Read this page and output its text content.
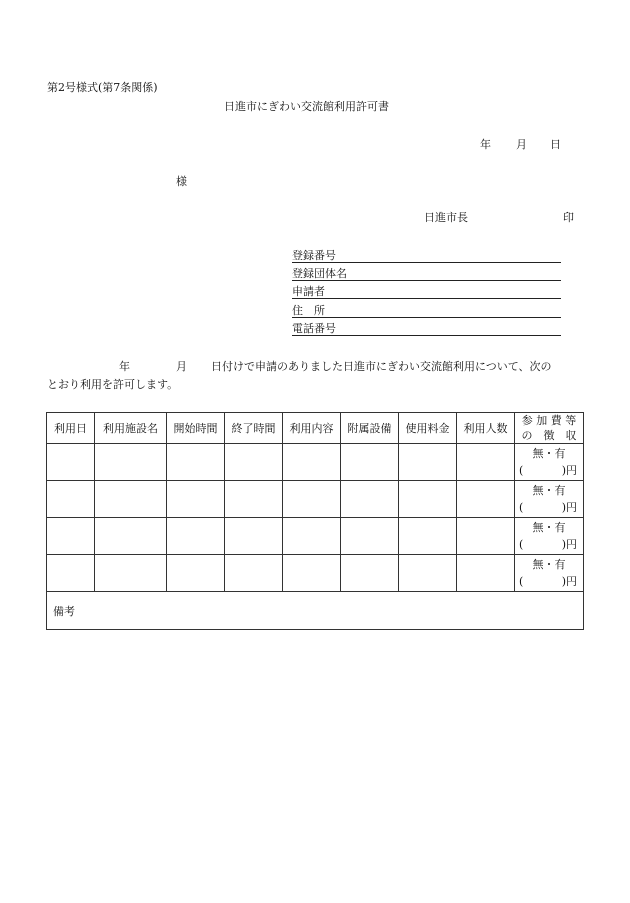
第2号様式(第7条関係)
日進市にぎわい交流館利用許可書
年 月 日
様
日進市長	印
登録番号
登録団体名
申請者
住　所
電話番号
年	月 日付けで申請のありました日進市にぎわい交流館利用について、次の
とおり利用を許可します。
利用日	利用施設名	開始時間	終了時間	利用内容	附属設備	使用料金	利用人数	参 加 費 等
の　徴　収

								無・有
( )円

								無・有
( )円

								無・有
( )円

								無・有
( )円

備考								
